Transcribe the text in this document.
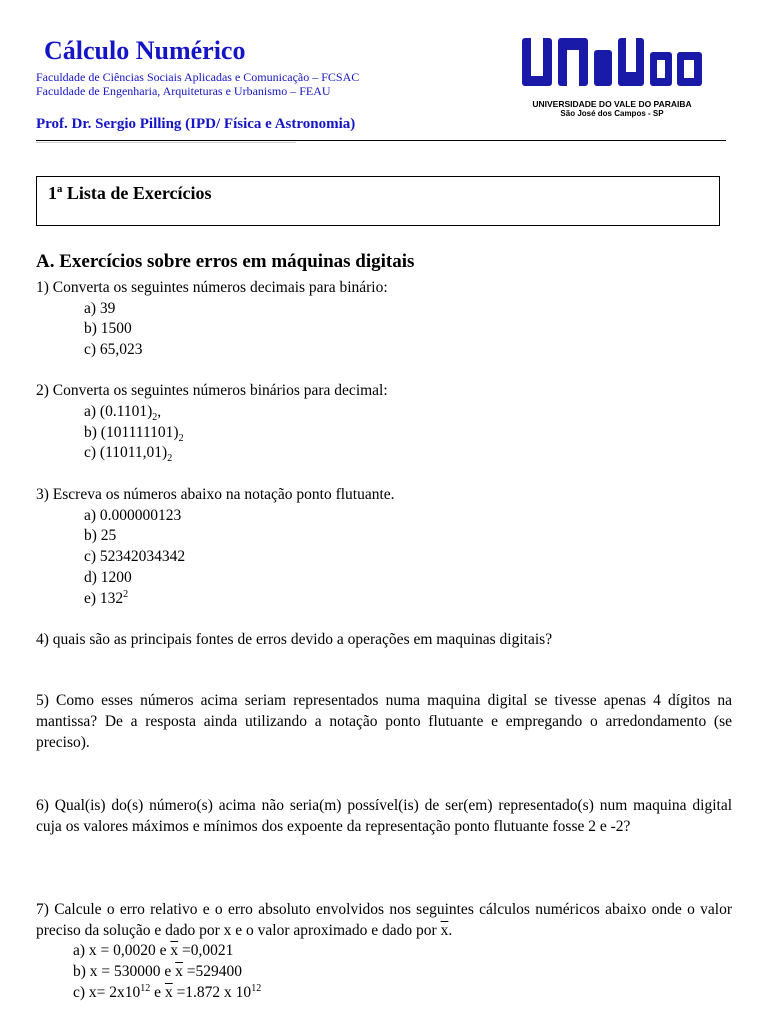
Cálculo Numérico
Faculdade de Ciências Sociais Aplicadas e Comunicação – FCSAC
Faculdade de Engenharia, Arquiteturas e Urbanismo – FEAU
Prof. Dr. Sergio Pilling (IPD/ Física e Astronomia)
UNIVERSIDADE DO VALE DO PARAIBA
São José dos Campos - SP
1ª Lista de Exercícios
A. Exercícios sobre erros em máquinas digitais
1) Converta os seguintes números decimais para binário:
a) 39
b) 1500
c) 65,023
2) Converta os seguintes números binários para decimal:
a) $(0.1101)_2$,
b) $(101111101)_2$
c) $(11011,01)_2$
3) Escreva os números abaixo na notação ponto flutuante.
a) 0.000000123
b) 25
c) 52342034342
d) 1200
e) $132^2$
4) quais são as principais fontes de erros devido a operações em maquinas digitais?
5) Como esses números acima seriam representados numa maquina digital se tivesse apenas 4 dígitos na mantissa? De a resposta ainda utilizando a notação ponto flutuante e empregando o arredondamento (se preciso).
6) Qual(is) do(s) número(s) acima não seria(m) possível(is) de ser(em) representado(s) num maquina digital cuja os valores máximos e mínimos dos expoente da representação ponto flutuante fosse 2 e -2?
7) Calcule o erro relativo e o erro absoluto envolvidos nos seguintes cálculos numéricos abaixo onde o valor preciso da solução e dado por x e o valor aproximado e dado por $\overline{x}$.
a) x = 0,0020 e $\overline{x} =0,0021$
b) x = 530000 e $\overline{x} =529400$
c) $x= 2x10^{12}$ e $\overline{x} =1.872$ x $10^{12}$
